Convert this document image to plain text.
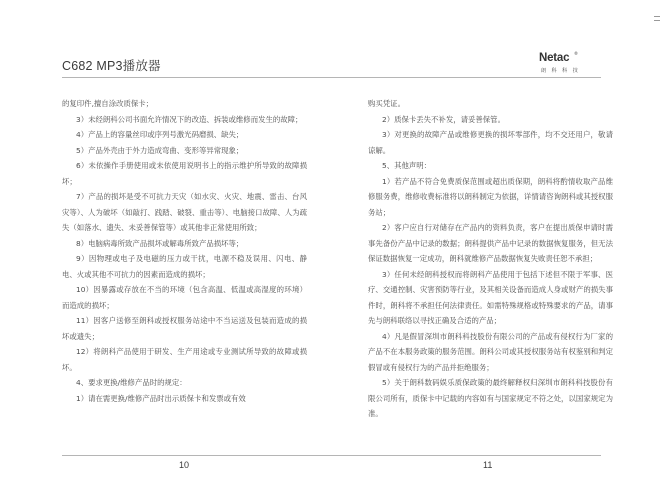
C682 MP3播放器
Netac ®
朗 科 科 技

的复印件,擅自涂改质保卡；

3）未经朗科公司书面允许情况下的改造、拆装或维修而发生的故障；

4）产品上的容量丝印或序列号激光码磨损、缺失；

5）产品外壳由于外力造成弯曲、变形等异常现象；

6）未依操作手册使用或未依使用说明书上的指示维护所导致的故障损坏；

7）产品的损坏是受不可抗力天灾（如水灾、火灾、地震、雷击、台风灾等）、人为破坏（如敲打、践踏、破裂、重击等）、电脑接口故障、人为疏失（如落水、遗失、未妥善保管等）或其他非正常使用所致；

8）电脑病毒所致产品损坏或解毒所致产品损坏等；

9）因物理或电子及电磁的压力或干扰，电源不稳及误用、闪电、静电、火或其他不可抗力的因素而造成的损坏；

10）因暴露或存放在不当的环境（包含高温、低温或高湿度的环境）而造成的损坏；

11）因客户送修至朗科或授权服务站途中不当运送及包装而造成的损坏或遗失；

12）将朗科产品使用于研发、生产用途或专业测试所导致的故障或损坏。

4、要求更换/维修产品时的规定：

1）请在需更换/维修产品时出示质保卡和发票或有效

购买凭证。

2）质保卡丢失不补发，请妥善保管。

3）对更换的故障产品或维修更换的损坏零部件，均不交还用户，敬请谅解。

5、其他声明：

1）若产品不符合免费质保范围或超出质保期，朗科将酌情收取产品维修服务费，维修收费标准将以朗科制定为依据，详情请咨询朗科或其授权服务站；

2）客户应自行对储存在产品内的资料负责，客户在提出质保申请时需事先备份产品中记录的数据；朗科提供产品中记录的数据恢复服务，但无法保证数据恢复一定成功，朗科就维修产品数据恢复失败责任恕不承担；

3）任何未经朗科授权而将朗科产品使用于包括下述但不限于军事、医疗、交通控制、灾害预防等行业，及其相关设备而造成人身或财产的损失事件时，朗科将不承担任何法律责任。如需特殊规格或特殊要求的产品，请事先与朗科联络以寻找正确及合适的产品；

4）凡是假冒深圳市朗科科技股份有限公司的产品或有侵权行为厂家的产品不在本服务政策的服务范围。朗科公司或其授权服务站有权鉴别和判定假冒或有侵权行为的产品并拒绝服务；

5）关于朗科数码娱乐质保政策的最终解释权归深圳市朗科科技股份有限公司所有，质保卡中记载的内容如有与国家规定不符之处，以国家规定为准。

10	11
